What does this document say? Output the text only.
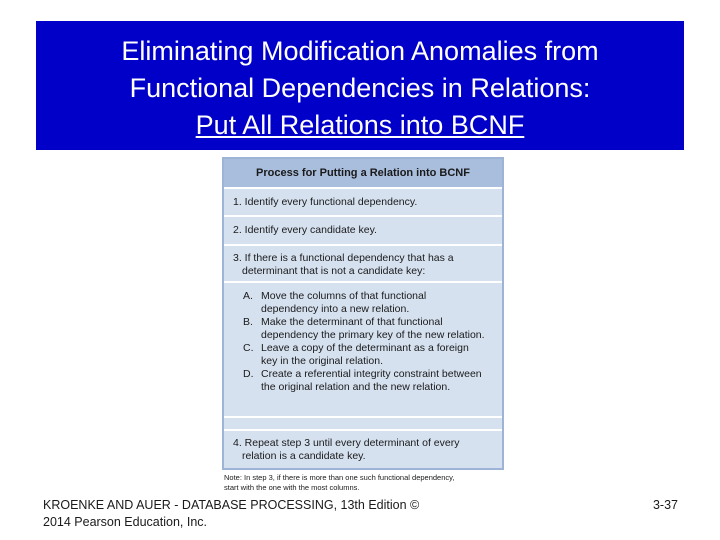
Eliminating Modification Anomalies from
Functional Dependencies in Relations:
Put All Relations into BCNF
Process for Putting a Relation into BCNF
1. Identify every functional dependency.
2. Identify every candidate key.
3. If there is a functional dependency that has a
determinant that is not a candidate key:
A. Move the columns of that functional
dependency into a new relation.
B. Make the determinant of that functional
dependency the primary key of the new relation.
C. Leave a copy of the determinant as a foreign
key in the original relation.
D. Create a referential integrity constraint between
the original relation and the new relation.
4. Repeat step 3 until every determinant of every
relation is a candidate key.
Note: In step 3, if there is more than one such functional dependency,
start with the one with the most columns.
KROENKE AND AUER - DATABASE PROCESSING, 13th Edition ©
2014 Pearson Education, Inc.
3-37
